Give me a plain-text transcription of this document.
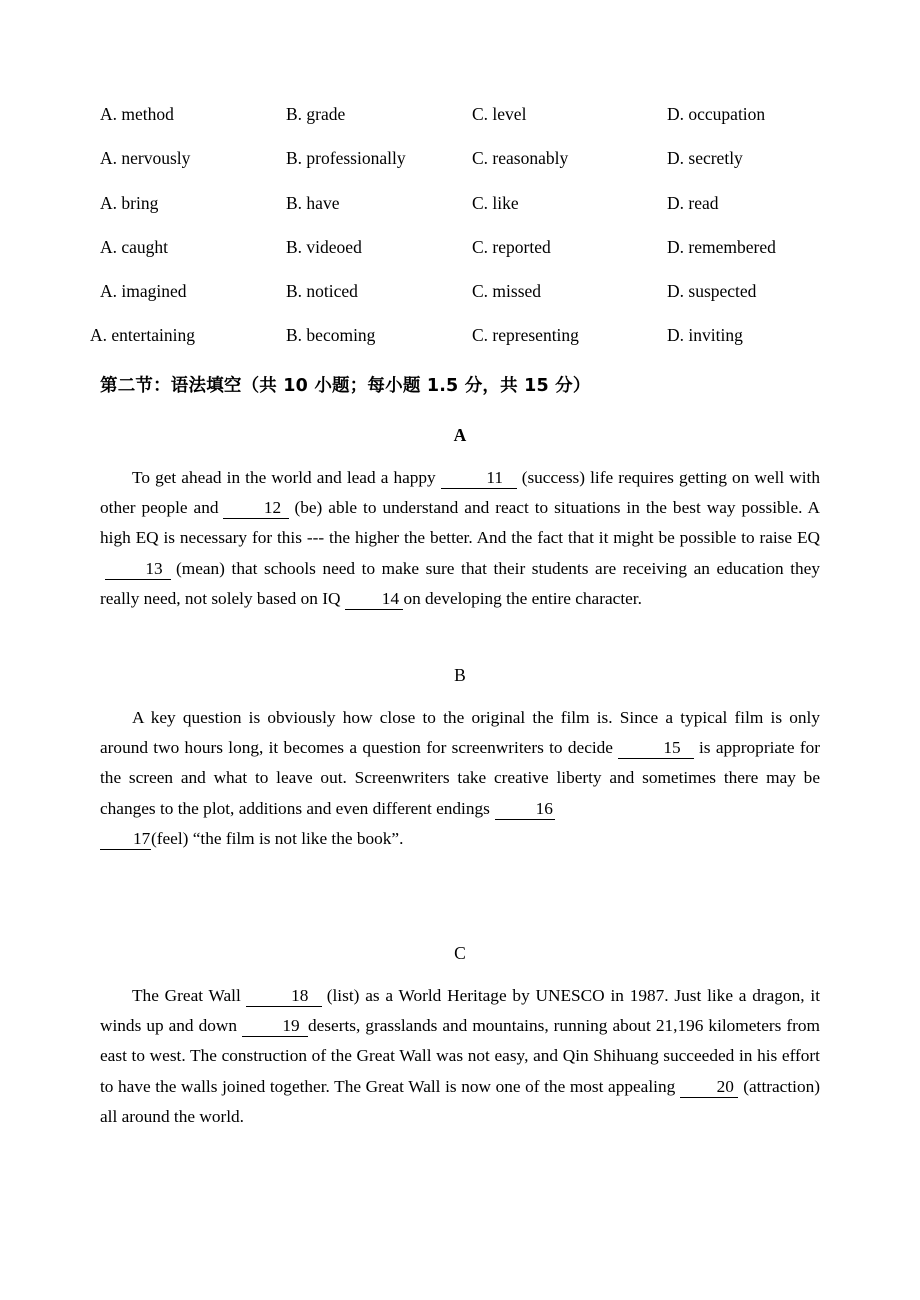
A. method	B. grade	C. level	D. occupation
A. nervously	B. professionally	C. reasonably	D. secretly
A. bring	B. have	C. like	D. read
A. caught	B. videoed	C. reported	D. remembered
A. imagined	B. noticed	C. missed	D. suspected
A. entertaining	B. becoming	C. representing	D. inviting
第二节：语法填空（共 10 小题；每小题 1.5 分，共 15 分）
A
To get ahead in the world and lead a happy	11 (success) life requires getting on well with other people and	12 (be) able to understand and react to situations in the best way possible. A high EQ is necessary for this --- the higher the better. And the fact that it might be possible to raise EQ13 (mean) that schools need to make sure that their students are receiving an education they really need, not solely based on IQ 14 on developing the entire character.
B
A key question is obviously how close to the original the film is. Since a typical film is only around two hours long, it becomes a question for screenwriters to decide	15 is appropriate for the screen and what to leave out. Screenwriters take creative liberty and sometimes there may be changes to the plot, additions and even different endings	16
17(feel) “the film is not like the book”.
C
The Great Wall	18 (list) as a World Heritage by UNESCO in 1987. Just like a dragon, it winds up and down	19 deserts, grasslands and mountains, running about 21,196 kilometers from east to west. The construction of the Great Wall was not easy, and Qin Shihuang succeeded in his effort to have the walls joined together. The Great Wall is now one of the most appealing 20 (attraction) all around the world.
